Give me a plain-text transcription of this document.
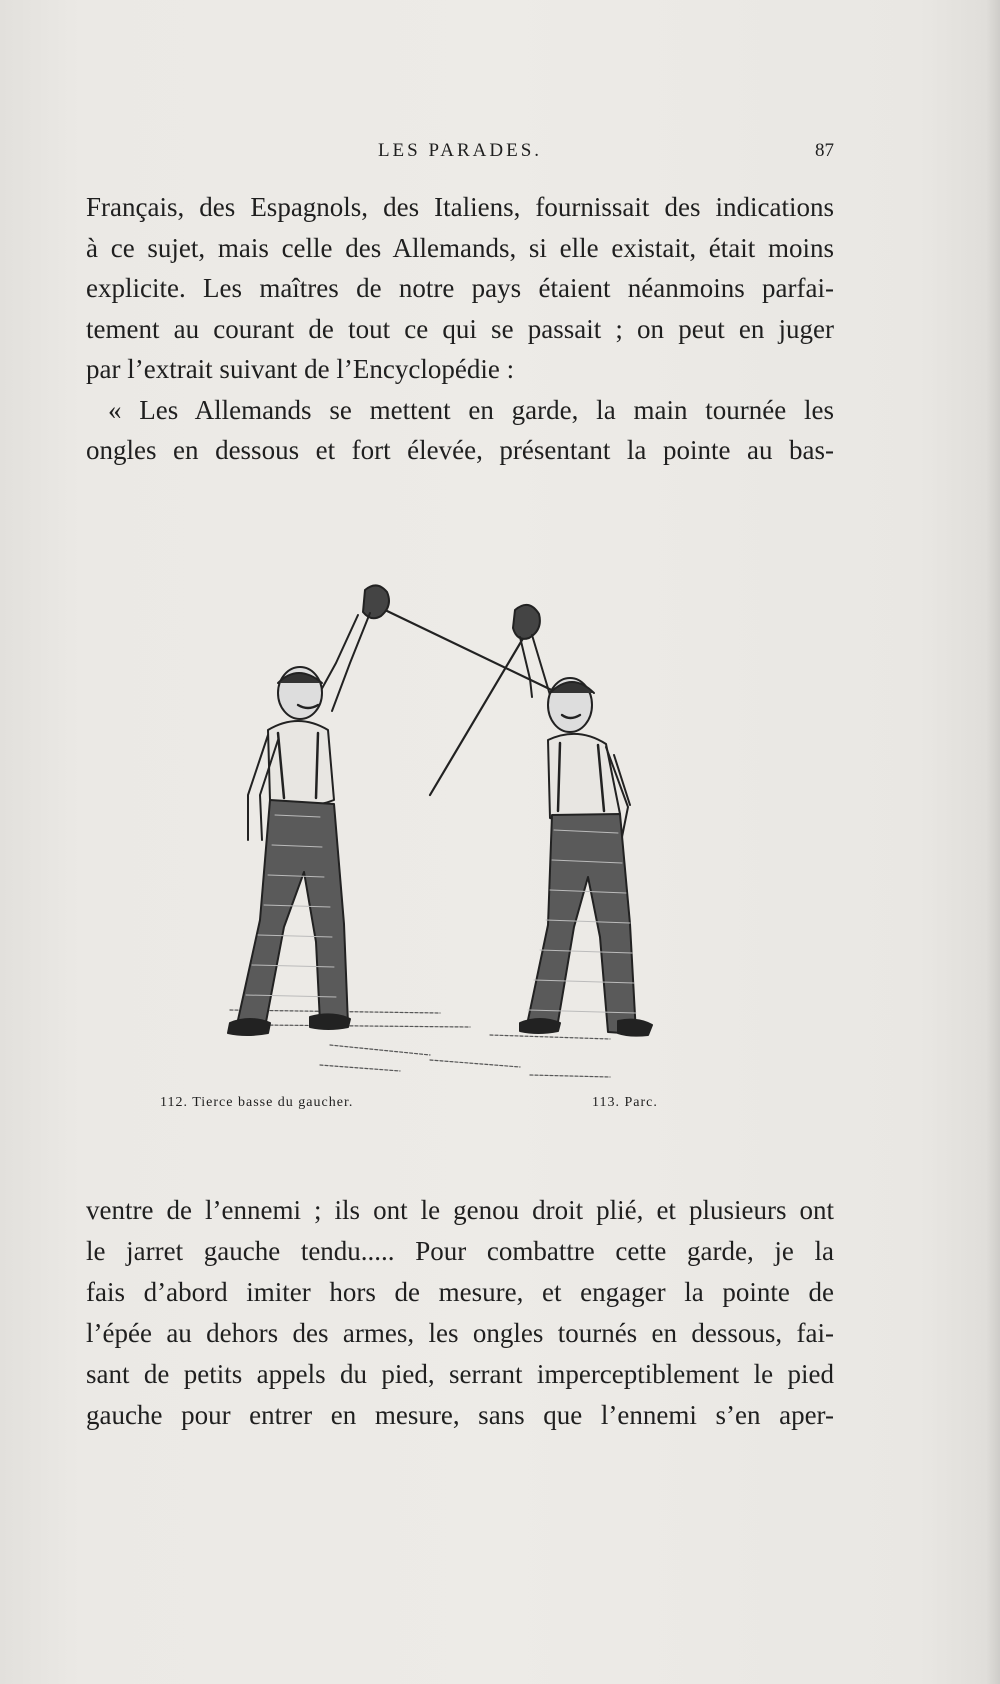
LES PARADES.	87
Français, des Espagnols, des Italiens, fournissait des indications
à ce sujet, mais celle des Allemands, si elle existait, était moins
explicite. Les maîtres de notre pays étaient néanmoins parfai-
tement au courant de tout ce qui se passait ; on peut en juger
par l’extrait suivant de l’Encyclopédie :
« Les Allemands se mettent en garde, la main tournée les
ongles en dessous et fort élevée, présentant la pointe au bas-
112. Tierce basse du gaucher.	113. Parc.
ventre de l’ennemi ; ils ont le genou droit plié, et plusieurs ont
le jarret gauche tendu..... Pour combattre cette garde, je la
fais d’abord imiter hors de mesure, et engager la pointe de
l’épée au dehors des armes, les ongles tournés en dessous, fai-
sant de petits appels du pied, serrant imperceptiblement le pied
gauche pour entrer en mesure, sans que l’ennemi s’en aper-
